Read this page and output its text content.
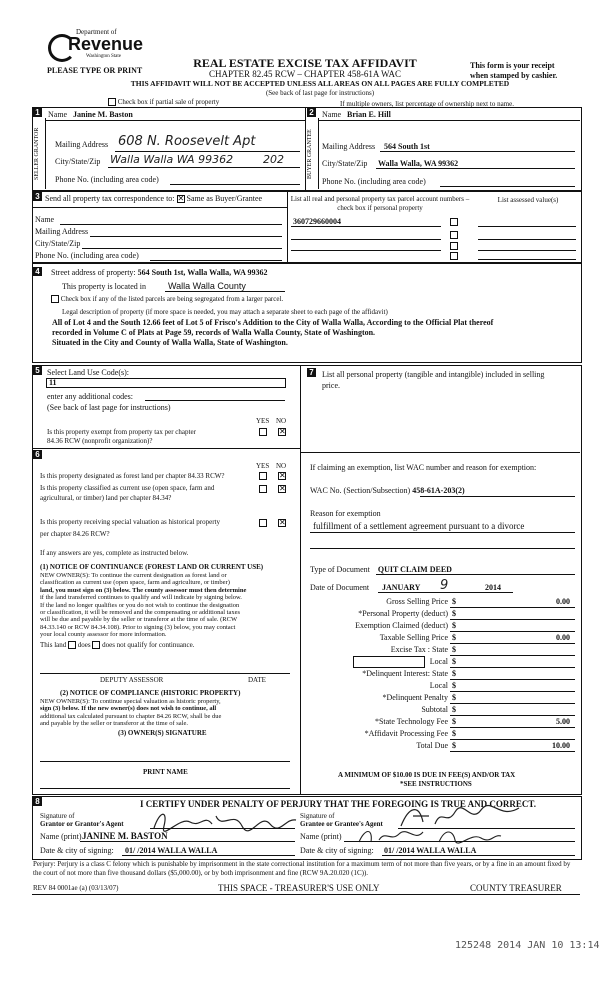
Department of
Revenue
Washington State
PLEASE TYPE OR PRINT
REAL ESTATE EXCISE TAX AFFIDAVIT
CHAPTER 82.45 RCW – CHAPTER 458-61A WAC
THIS AFFIDAVIT WILL NOT BE ACCEPTED UNLESS ALL AREAS ON ALL PAGES ARE FULLY COMPLETED
(See back of last page for instructions)
This form is your receipt
when stamped by cashier.
Check box if partial sale of property	If multiple owners, list percentage of ownership next to name.
1
SELLER GRANTOR
Name Janine M. Baston
Mailing Address 608 N. Roosevelt Apt
City/State/Zip Walla Walla WA 99362	202
Phone No. (including area code)
2
BUYER GRANTEE
Name Brian E. Hill
Mailing Address 564 South 1st
City/State/Zip Walla Walla, WA 99362
Phone No. (including area code)
3 Send all property tax correspondence to: ✕ Same as Buyer/Grantee
Name
Mailing Address
City/State/Zip
Phone No. (including area code)
List all real and personal property tax parcel account numbers – check box if personal property
List assessed value(s)
360729660004
4 Street address of property: 564 South 1st, Walla Walla, WA 99362
This property is located in Walla Walla County
Check box if any of the listed parcels are being segregated from a larger parcel.
Legal description of property (if more space is needed, you may attach a separate sheet to each page of the affidavit)
All of Lot 4 and the South 12.66 feet of Lot 5 of Frisco's Addition to the City of Walla Walla, According to the Official Plat thereof
recorded in Volume C of Plats at Page 59, records of Walla Walla County, State of Washington.
Situated in the City and County of Walla Walla, State of Washington.
5 Select Land Use Code(s):
11
enter any additional codes:
(See back of last page for instructions)
YES NO
Is this property exempt from property tax per chapter
84.36 RCW (nonprofit organization)?
✕
6
YES NO
Is this property designated as forest land per chapter 84.33 RCW?	✕
Is this property classified as current use (open space, farm and
agricultural, or timber) land per chapter 84.34?
✕
Is this property receiving special valuation as historical property
per chapter 84.26 RCW?
✕
If any answers are yes, complete as instructed below.
(1) NOTICE OF CONTINUANCE (FOREST LAND OR CURRENT USE)
NEW OWNER(S): To continue the current designation as forest land or
classification as current use (open space, farm and agriculture, or timber)
land, you must sign on (3) below. The county assessor must then determine
if the land transferred continues to qualify and will indicate by signing below.
If the land no longer qualifies or you do not wish to continue the designation
or classification, it will be removed and the compensating or additional taxes
will be due and payable by the seller or transferor at the time of sale. (RCW
84.33.140 or RCW 84.34.108). Prior to signing (3) below, you may contact
your local county assessor for more information.
This land does does not qualify for continuance.
DEPUTY ASSESSOR	DATE
(2) NOTICE OF COMPLIANCE (HISTORIC PROPERTY)
NEW OWNER(S): To continue special valuation as historic property,
sign (3) below. If the new owner(s) does not wish to continue, all
additional tax calculated pursuant to chapter 84.26 RCW, shall be due
and payable by the seller or transferor at the time of sale.
(3) OWNER(S) SIGNATURE
PRINT NAME
7 List all personal property (tangible and intangible) included in selling
price.
If claiming an exemption, list WAC number and reason for exemption:
WAC No. (Section/Subsection) 458-61A-203(2)
Reason for exemption
fulfillment of a settlement agreement pursuant to a divorce
Type of Document QUIT CLAIM DEED
Date of Document JANUARY 9	2014
Gross Selling Price $	0.00
*Personal Property (deduct) $
Exemption Claimed (deduct) $
Taxable Selling Price $	0.00
Excise Tax : State $
Local $
*Delinquent Interest: State $
Local $
*Delinquent Penalty $
Subtotal $
*State Technology Fee $	5.00
*Affidavit Processing Fee $
Total Due $	10.00
A MINIMUM OF $10.00 IS DUE IN FEE(S) AND/OR TAX
*SEE INSTRUCTIONS
8	I CERTIFY UNDER PENALTY OF PERJURY THAT THE FOREGOING IS TRUE AND CORRECT.
Signature of
Grantor or Grantor's Agent
Name (print) JANINE M. BASTON
Date & city of signing: 01/ /2014 WALLA WALLA
Signature of
Grantee or Grantee's Agent
Name (print)
Date & city of signing: 01/ /2014 WALLA WALLA
Perjury: Perjury is a class C felony which is punishable by imprisonment in the state correctional institution for a maximum term of not more than five years, or by a fine in an amount fixed by the court of not more than five thousand dollars ($5,000.00), or by both imprisonment and fine (RCW 9A.20.020 (1C)).
REV 84 0001ae (a) (03/13/07)	THIS SPACE - TREASURER'S USE ONLY	COUNTY TREASURER
125248 2014 JAN 10 13:14
